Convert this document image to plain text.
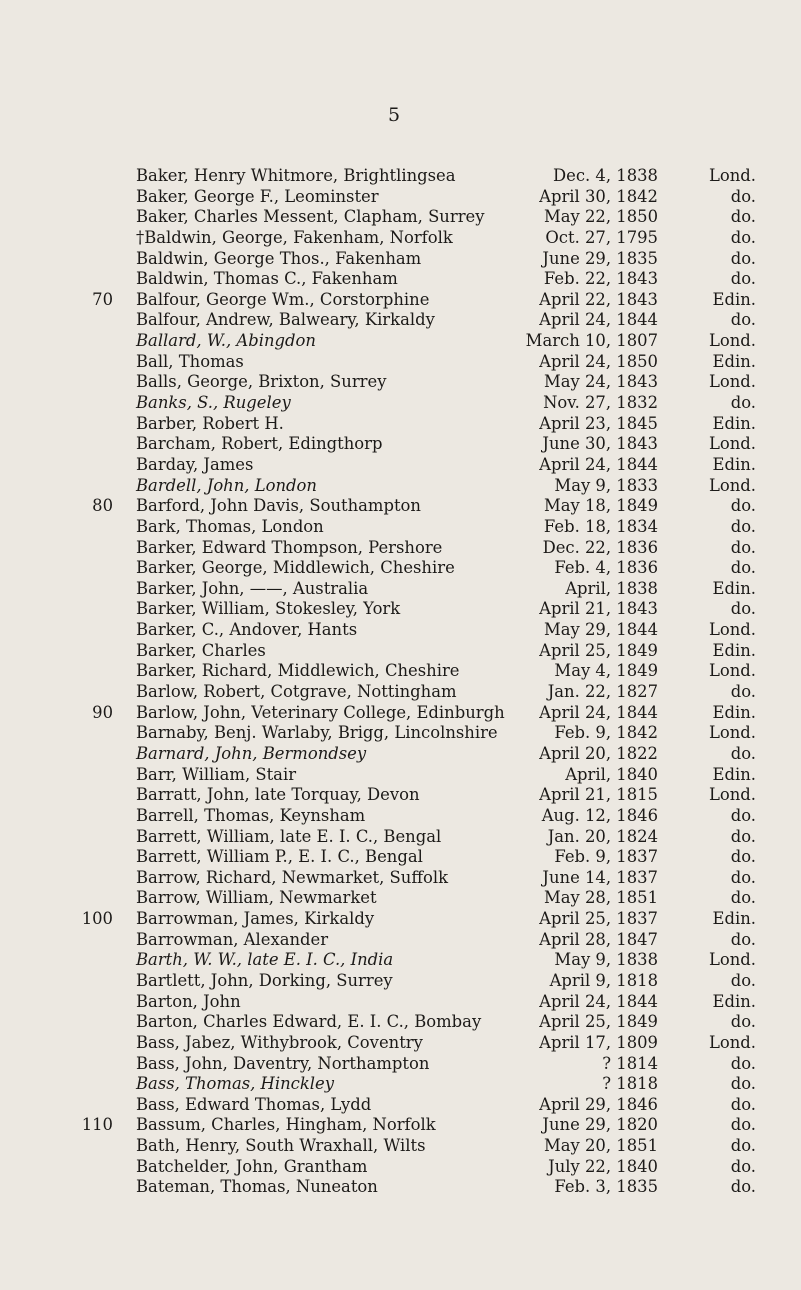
5
Baker, Henry Whitmore, Brightlingsea	Dec. 4, 1838	Lond.
Baker, George F., Leominster	April 30, 1842	do.
Baker, Charles Messent, Clapham, Surrey	May 22, 1850	do.
†Baldwin, George, Fakenham, Norfolk	Oct. 27, 1795	do.
Baldwin, George Thos., Fakenham	June 29, 1835	do.
Baldwin, Thomas C., Fakenham	Feb. 22, 1843	do.
70 Balfour, George Wm., Corstorphine	April 22, 1843	Edin.
Balfour, Andrew, Balweary, Kirkaldy	April 24, 1844	do.
Ballard, W., Abingdon	March 10, 1807	Lond.
Ball, Thomas	April 24, 1850	Edin.
Balls, George, Brixton, Surrey	May 24, 1843	Lond.
Banks, S., Rugeley	Nov. 27, 1832	do.
Barber, Robert H.	April 23, 1845	Edin.
Barcham, Robert, Edingthorp	June 30, 1843	Lond.
Barday, James	April 24, 1844	Edin.
Bardell, John, London	May 9, 1833	Lond.
80 Barford, John Davis, Southampton	May 18, 1849	do.
Bark, Thomas, London	Feb. 18, 1834	do.
Barker, Edward Thompson, Pershore	Dec. 22, 1836	do.
Barker, George, Middlewich, Cheshire	Feb. 4, 1836	do.
Barker, John, ——, Australia	April, 1838	Edin.
Barker, William, Stokesley, York	April 21, 1843	do.
Barker, C., Andover, Hants	May 29, 1844	Lond.
Barker, Charles	April 25, 1849	Edin.
Barker, Richard, Middlewich, Cheshire	May 4, 1849	Lond.
Barlow, Robert, Cotgrave, Nottingham	Jan. 22, 1827	do.
90 Barlow, John, Veterinary College, Edinburgh	April 24, 1844	Edin.
Barnaby, Benj. Warlaby, Brigg, Lincolnshire	Feb. 9, 1842	Lond.
Barnard, John, Bermondsey	April 20, 1822	do.
Barr, William, Stair	April, 1840	Edin.
Barratt, John, late Torquay, Devon	April 21, 1815	Lond.
Barrell, Thomas, Keynsham	Aug. 12, 1846	do.
Barrett, William, late E. I. C., Bengal	Jan. 20, 1824	do.
Barrett, William P., E. I. C., Bengal	Feb. 9, 1837	do.
Barrow, Richard, Newmarket, Suffolk	June 14, 1837	do.
Barrow, William, Newmarket	May 28, 1851	do.
100 Barrowman, James, Kirkaldy	April 25, 1837	Edin.
Barrowman, Alexander	April 28, 1847	do.
Barth, W. W., late E. I. C., India	May 9, 1838	Lond.
Bartlett, John, Dorking, Surrey	April 9, 1818	do.
Barton, John	April 24, 1844	Edin.
Barton, Charles Edward, E. I. C., Bombay	April 25, 1849	do.
Bass, Jabez, Withybrook, Coventry	April 17, 1809	Lond.
Bass, John, Daventry, Northampton	? 1814	do.
Bass, Thomas, Hinckley	? 1818	do.
Bass, Edward Thomas, Lydd	April 29, 1846	do.
110 Bassum, Charles, Hingham, Norfolk	June 29, 1820	do.
Bath, Henry, South Wraxhall, Wilts	May 20, 1851	do.
Batchelder, John, Grantham	July 22, 1840	do.
Bateman, Thomas, Nuneaton	Feb. 3, 1835	do.
